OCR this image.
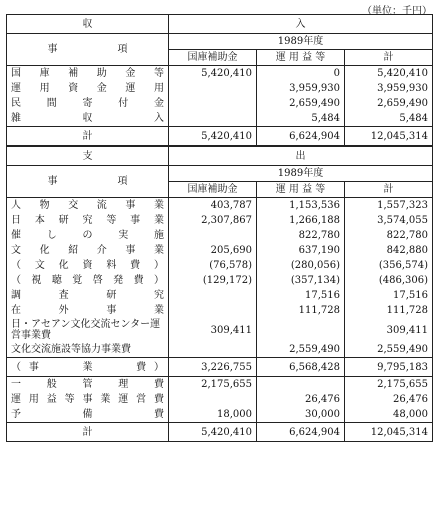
（単位：千円）
収	入		
事　　　　　　項	1989年度		
	国庫補助金	運 用 益 等	計
国庫補助金等	5,420,410	0	5,420,410
運用資金運用		3,959,930	3,959,930
民間寄付金		2,659,490	2,659,490
雑　収　入		5,484	5,484
計	5,420,410	6,624,904	12,045,314
支	出		
事　　　　　　項	1989年度		
	国庫補助金	運 用 益 等	計
人物交流事業	403,787	1,153,536	1,557,323
日本研究等事業	2,307,867	1,266,188	3,574,055
催しの実施		822,780	822,780
文化紹介事業	205,690	637,190	842,880
（文化資料費）	(76,578)	(280,056)	(356,574)
（視聴覚啓発費）	(129,172)	(357,134)	(486,306)
調　査　研　究		17,516	17,516
在　外　事　業		111,728	111,728
日・アセアン文化交流センター運営事業費	309,411		309,411
文化交流施設等協力事業費		2,559,490	2,559,490
（事　　業　　費）	3,226,755	6,568,428	9,795,183
一般管理費	2,175,655		2,175,655
運用益等事業運営費		26,476	26,476
予　　備　　費	18,000	30,000	48,000
計	5,420,410	6,624,904	12,045,314
